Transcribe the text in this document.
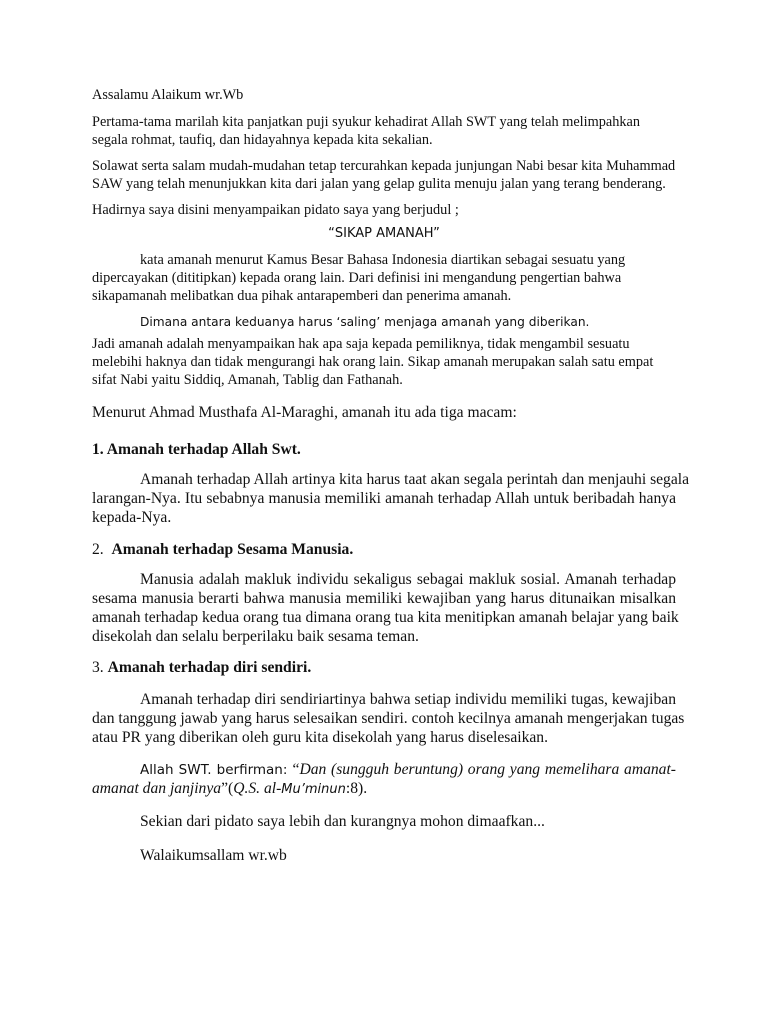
Assalamu Alaikum wr.Wb

Pertama-tama marilah kita panjatkan puji syukur kehadirat Allah SWT yang telah melimpahkan

segala rohmat, taufiq, dan hidayahnya kepada kita sekalian.

Solawat serta salam mudah-mudahan tetap tercurahkan kepada junjungan Nabi besar kita Muhammad

SAW yang telah menunjukkan kita dari jalan yang gelap gulita menuju jalan yang terang benderang.

Hadirnya saya disini menyampaikan pidato saya yang berjudul ;

“SIKAP AMANAH”

kata amanah menurut Kamus Besar Bahasa Indonesia diartikan sebagai sesuatu yang

dipercayakan (dititipkan) kepada orang lain. Dari definisi ini mengandung pengertian bahwa

sikapamanah melibatkan dua pihak antarapemberi dan penerima amanah.

Dimana antara keduanya harus ‘saling’ menjaga amanah yang diberikan.

Jadi amanah adalah menyampaikan hak apa saja kepada pemiliknya, tidak mengambil sesuatu

melebihi haknya dan tidak mengurangi hak orang lain. Sikap amanah merupakan salah satu empat

sifat Nabi yaitu Siddiq, Amanah, Tablig dan Fathanah.

Menurut Ahmad Musthafa Al-Maraghi, amanah itu ada tiga macam:

1. Amanah terhadap Allah Swt.

Amanah terhadap Allah artinya kita harus taat akan segala perintah dan menjauhi segala

larangan-Nya. Itu sebabnya manusia memiliki amanah terhadap Allah untuk beribadah hanya

kepada-Nya.

2. Amanah terhadap Sesama Manusia.

Manusia adalah makluk individu sekaligus sebagai makluk sosial. Amanah terhadap

sesama manusia berarti bahwa manusia memiliki kewajiban yang harus ditunaikan misalkan

amanah terhadap kedua orang tua dimana orang tua kita menitipkan amanah belajar yang baik

disekolah dan selalu berperilaku baik sesama teman.

3. Amanah terhadap diri sendiri.

Amanah terhadap diri sendiriartinya bahwa setiap individu memiliki tugas, kewajiban

dan tanggung jawab yang harus selesaikan sendiri. contoh kecilnya amanah mengerjakan tugas

atau PR yang diberikan oleh guru kita disekolah yang harus diselesaikan.

Allah SWT. berfirman: “Dan (sungguh beruntung) orang yang memelihara amanat-

amanat dan janjinya”(Q.S. al-Mu’minun:8).

Sekian dari pidato saya lebih dan kurangnya mohon dimaafkan...

Walaikumsallam wr.wb
